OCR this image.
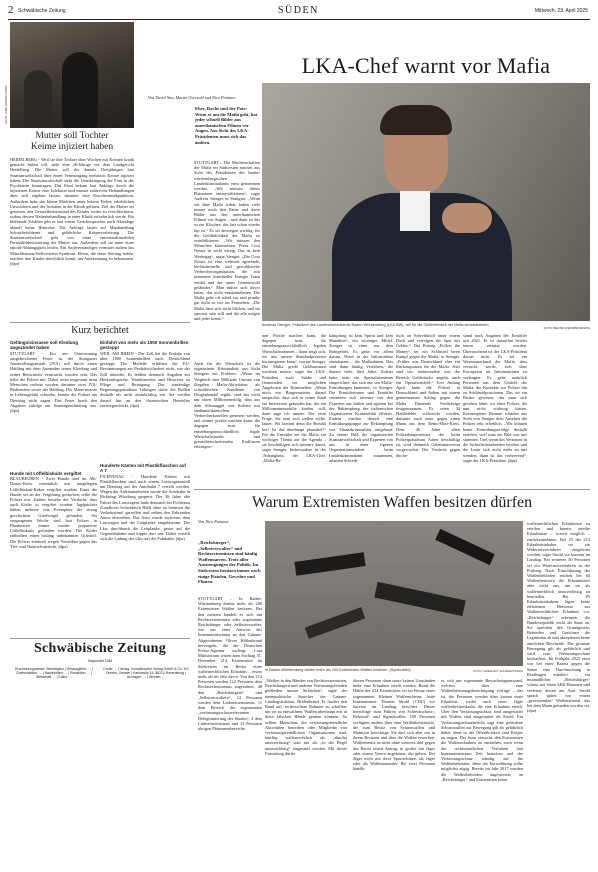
2 Schwäbische Zeitung	SÜDEN	Mittwoch, 23. April 2025
FOTO: UWE ANSPACH/DPA
Mutter soll Tochter
Keime injiziert haben
HEIDELBERG - Weil sie ihre Tochter über Wochen mit Keimen krank gemacht haben soll, steht eine 26-Jährige vor dem Landgericht Heidelberg. Die Mutter soll der damals Dreijährigen laut Staatsanwaltschaft über einen Venenzugang mehrfach Keime injiziert haben. Die Staatsanwaltschaft sieht die Unterbringung der Frau in der Psychiatrie beantragen. Das Kind bekam laut Anklage durch die injizierten Keime eine Infektion und musste zahlreiche Behandlungen über sich ergehen lassen, darunter eine Knochenmarkpunktion. Außerdem habe das kleine Mädchen unter hohem Fieber, erheblichen Unwohlsein und der Isolation in der Klinik gelitten. Ziel der Mutter sei gewesen, den Gesundheitszustand des Kindes weiter zu verschlechtern, sodass dessen Weiterbehandlung in einer Klinik erforderlich werde. Für bleibende Schäden gibt es laut einem Gerichtssprecher nach Aktenlage aktuell keine Hinweise. Die Anklage lautet auf Misshandlung Schutzbefohlener und gefährliche Körperverletzung. Die Staatsanwaltschaft geht von einer emotionalinstabilen Persönlichkeitsstörung der Mutter aus. Außerdem soll sie unter einer opioid-Abhängigkeit leiden. Ein Sachverständiger vermutet zudem das Münchhausen-Stellvertreter-Syndrom. Eltern, die diese Störung haben, machen ihre Kinder absichtlich krank, um Anerkennung zu bekommen. (dpa)
Kurz berichtet
Gefängnisinsasse soll Kleidung angezündet haben
STUTTGART - Ein am Ostersonntag ausgebrochenes Feuer in der Stuttgarter Justizvollzugsanstalt (JVA) soll durch einen Häftling mit dem Anzünden seiner Kleidung und seiner Bettwäsche verursacht worden sein. Das teilte die Polizei mit. Dabei seien insgesamt neun Menschen verletzt worden, darunter zwei JVA-Bedienstete sowie der Häftling. Der Mann musste in Lebensgefahr schwebe, konnte die Polizei am Dienstag nicht sagen. Das Feuer brach den Angaben zufolge am Sonntagnachmittag aus. (dpa)
Hunde mit Löffelbiskuits vergiftet
BLAUBEUREN - Zwei Hunde sind im Alb-Donau-Kreis vermutlich mit ausgelegten Löffelbiskuit-Kekse vergiftet worden. Einer der Hunde sei an der Vergiftung gestorben, teilte die Polizei mit. Zudem bestehe der Verdacht, dass auch Köder so vergiftet worden. Jagdpächter hätten mehrere rote Exemplare der streng geschichten Grieftvögel gefunden. Sei vergangenen Woche sind laut Polizei in Blaubeuren immer wieder präparierte Löffelbiskuits gefunden worden. Die Köder enthielten einen bislang unbekannten Giftstoff. Die Polizei ermittelt wegen Verstößen gegen das Tier- und Naturschutzrecht. (dpa)
Einfahrt von mehr als 1000 Sonnenbrillen gestoppt
WEIL AM RHEIN - Der Zoll hat die Einfuhr von über 1000 Sonnenbrillen nach Deutschland gestoppt. Die Modelle erfüllten die EU-Bestimmungen zur Produktsicherheit nicht, wie der Zoll mitteilte. Es fehlten demnach Angaben zur Herkunftsgeräte, Warnhinweise und Hinweise zu Pflege und Reinigung. Das zuständige Regierungspräsidium Tübingen stufte die Brillen deshalb als nicht einfuhrfähig ein. Sie werden darauf hin an den chinesischen Hersteller zurückgeschickt. (dpa)
Hunderte Kästen mit Plastikflaschen auf A 7
FICHTENAU - Hunderte Kästen mit Plastikflaschen sind nach einem Lastwagenunfall am Dienstag auf der Autobahn 7 verteilt worden. Wegen der Aufräumarbeiten wurde die Autobahn in Richtung Würzburg gesperrt. Der 36 Jahre alte Fahrer des Lastwagens hatte demnach bei Fichtenau (Landkreis Schwäbisch Hall) ohne zu bremsen die Verkehrsinsel getroffen und neben den Fahrenden Autos übersehen. Das Auto wurde zwischen dem Lastwagen und der Leitplanke eingeklemmt. Der Lkw durchbrach die Leitplanke, geriet auf die Gegenfahrbahn und kippte dort um. Dabei verteilt sich die Ladung des Lkw auf der Fahrbahn. (dpa)
Schwäbische Zeitung
Gegründet 1945
Erscheinungsweise: Werktäglich | Herausgeber: ... | Chefredaktion: ... | Nachrichten: ... | Redaktion: ... | Wirtschaft: ... | Kultur: ...
Druck: ... | Verlag: Schwäbischer Verlag GmbH & Co. KG Drexler, Gessler | Karlstraße 16, 88212 Ravensburg | Anzeigen: ... | Vertrieb: ...
Von David Nau, Martin Oversohl und Nico Pointner
Ehre, Rache und der Pate: Wenn es um die Mafia geht, hat jeder schnell Bilder aus amerikanischen Filmen vor Augen. Aus Sicht des LKA-Präsidenten muss sich das ändern.
LKA-Chef warnt vor Mafia
Andreas Stenger, Präsident des Landeskriminalamts Baden-Württemberg (LKA BW), will für die Gefährlichkeit der Mafia sensibilisieren.
FOTO: BERND WEISSBROD/DPA
STUTTGART – Die Machenschaften der Mafia im Südwesten müssen aus Sicht des Präsidenten des baden-württembergischen Landeskriminalamts ernst genommen werden. „Wir müssen dieses Phänomen entmystifizieren“, sagte Andreas Stenger in Stuttgart. „Wenn wir über Mafia reden, haben viele immer noch den Paten und diese Bilder aus den amerikanischen Filmen vor Augen – und dann ist das so ein Klischee, das fast schon wieder hip ist.“ Es sei deswegen wichtig, für die Gefährlichkeit der Mafia zu sensibilisieren. „Wir müssen den Menschen klarmachen: Pizza Cosa Nostra ist nicht witzig. Das ist kein Werbegag“, sagte Stenger. „Die Cosa Nostra ist eine weltweit agierende, hochkriminelle und gewaltbereite Verbrecherorganisation, die mit immenser krimineller Energie Taten verübt und der unser Gemeinwohl gefährdet.“ Man müsse sich davor hüten, das nicht ernstzunehmen. Die Mafia gehe oft subtil vor und prunke gar nicht so wie im Fernsehen. „Die Mafia lässt sich nicht blicken, und sie operiert sehr still und die alle mögen und jeder kennt.“
Auch für die Wirtschaft ist die organisierte Kriminalität aus Sicht Stengers ein Problem. „Wenn im Vergleich eine Milliarde Umsatz von illegalen Mafia-Aktivitäten als schwäbischen Kaufleute von Drogenhandel ergibt, sind das nicht nur einen Millionenerfolg, dass aus dem Schmuggel von Kokain mit stadtamerikanischen Verbrecherkartellen generiert werden, und immer profite machen kann, die dagegen trotz für entstehungsausschließlich legale Wirtschaftsmarkt und grenzüberschreitenden Einflüssen erbringen.“
mer Profite machen kann, die dagegen trotz für entstehungsausschließlich legalen Wirtschaftsräumen – dann zeigt sich, wo uns unsere Standardprozesse korrumpieren kann“, warnte Stenger. Die Mafia greife Geldsummen wachsen müsse, sagte der LKA-Präsident auch Städte und Gemeinden vor möglichen Angeboten der Kriminellen. „Wenn mich ein Bürgermeister darauf ansprichst, dass sich in seiner Stadt ein Interessent gefunden hat, der ein Millionenimmobilie kaufen will, dann sage ich immer: Der erste Frage, die man sich stellen sollte, lautet: Wo kommt denn die Bonität her? Ist das überhaupt plausibel?“ Für die Ermittler sei die Mafia ein wichtiges Thema auf der Agenda – sie beschäftigen sich intensiv damit, sagte Stenger. Insbesondere in der ‚Ndrangheta, der LKA-Chef. „Mafia-Be-
kämpfung ist kein Sprint und kein Marathon“, ein wichtiges Mittel. Stenger ist einer aus dem Ruhrgebiet, Es gehe vor allem darum, Netze in die Infrastruktur einzubauen – die Maßnahmen. Das sind dann häufig Verfahren, die dauern viele, fünf Jahre. Zuletzt hatte man ein Spezialistenteam eingerichtet, das sich nur um Mafia-Ermittlungen kümmere, so Stenger. Die Ermittlerinnen und Ermittler vernetzen sich intensiv mit den Experten aus Italien und agieren bei der Bekämpfung der italienischen Organisierten Kriminalität effektiv. Zudem würden derzeit eine Ermittlungsgruppe zur Bekämpfung von Finanzkriminalität aufgebaut. Zu einem Bild der organisierten Staatsanwaltschaft und Experten von uns in einer eigenen Organisationseinheit beim Landeskriminalamt zusammen, arbeiten Schreib-
tisch an Schreibtisch unter einem Dach und verfolgen die Spur des Geldes.“ Das Prinzip „Follow the Money“ sei ein Schlüssel beim Kampf gegen die Mafia, so Stenger. „Früher war Deutschland eher ein Rückzugsraum für die Mafia. Jetzt sind wir, insbesondere was der Bereich Geldwäsche angeht, auch ein Operationsfeld.“ Erst Anfang April hatte die Polizei in Deutschland und Italien mit einem gemeinsamen Schlag gegen die Mafia Dutzende Verdächtige festgenommen. Es seien 34 Haftbefehle vollstreckt worden, darunter auch einer gegen einen Mann aus dem Rems-Murr-Kreis. Dem 46 Jahre alten Polizeihauptmeister, der beim Polizeipräsidium Aalen beschäftigt ist, wird demnach Geheimnisverrat vorgeworfen. Der Verdacht gegen ihn be-
stand nach Angaben der Ermittler seit 2021. Er ist daraufhin bereits intern versetzt worden. Überraschend ist der LKA-Präsident davon nicht. Es sei ein Wesensmerkmal der Mafia, dass versucht werde, sich über Korruption an Informationen zu verlangen. Es gehe natürlich Personen aus dem Umfeld der Mafia, die Kontakte zur Polizei hin zu Schlüsselpositionen. Das sei ein Risiko gewesen, das man sich gesehen hätte, wo einer Polizei, die nun nicht wirkung hätten. Korrumpierte Beamte schaden aus Sicht von Stenger dem Ansehen der Polizei sehr erheblich. „Wir können keine Ermittlungserfolge deshalb erzielen, weil man ein Bild von uns stimmen. Und wenn das Vertrauen in die Sicherheitsbehörden erodiert und die Leute sich nicht mehr an uns wenden, dann ist das verheerend“, sagte der LKA-Präsident. (dpa)
Warum Extremisten Waffen besitzen dürfen
Von Nico Pointner
„Reichsbürger“, „Selbstverwalter“ und Rechtsextremisten sind häufig Waffennarren. Trotz aller Anstrengungen der Politik: Im Südwesten besitzen immer noch einige Pistolen, Gewehre und Flinten.
STUTTGART – In Baden-Württemberg dürfen mehr als 200 Extremisten Waffen besitzen. Bei den meisten handelt es sich um Rechtsextremisten oder sogenannte Reichsbürger oder Selbstverwalter, wie aus einer Antwort des Innenministeriums an den Grünen-Abgeordneten Oliver Hildenbrand hervorgeht, die der Deutschen Presse-Agentur vorliegt. Laut Ministerium waren zum Stichtag 31. Dezember 214 Extremisten im Südwesten im Besitz einer waffenrechtlichen Erlaubnis – etwas mehr als im Jahr davor. Von den 214 Personen werden 122 Personen dem Rechtsextremismus zugeordnet, 48 den „Reichsbürgern“ und „Selbstverwaltern“, 12 Personen werden dem Linksextremismus, 11 dem Bereich der sogenannten „verfassungsschutzrelevanten Delegitimierung des Staates“, 4 dem Linksextremismus und 13 Personen übrigen Phänomenbereiche.
In Baden-Württemberg dürfen mehr als 200 Extremisten Waffen besitzen. (Symbolbild)	FOTO: GREGORY SCHWARTZ/DPA
„Waffen in den Händen von Rechtsextremisten, Reichsbürgern und anderen Verfassungsfeinden gefährden unsere Sicherheit“, sagte der innenpolitische Sprecher der Grünen-Landtagsfraktion, Hildenbrand. Er fordert den Bund auf, rechtssichere Rahmen zu schaffen, um sie zu entwaffnen. Waffen überhaupt erst in diese falschen Hände geraten könnten. So sollten Menschen, die verfassungsfeindliche Aktivitäten betreiben oder Mitglieder von verfassungsfeindlichen Organisationen sind, künftig waffenrechtlich als „absolut unzuverlässig“ statt nur als „in der Regel unzuverlässig“ eingestuft werden. Mit dieser Einstufung dürfte
diesen Personen dann unter keinen Umständen mehr eine Erlaubnis erteilt werden. Rund die Hälfte der 214 Extremisten sei im Besitz eines sogenannten Kleinen Waffenscheins, hatte Innenminister Thomas Strobl (CDU) vor kurzem im Landtag berichtet. Dieser berechtige zum Führen von Schreckschuss-, Reizstoff- und Signalwaffen. 100 Personen verfügten zudem über eine Waffenbesitzkarte, die zum Besitz von Schusswaffen und Munition berechtige. Sie darf sich aber nur in ihrem Besitzen und über die Waffen erwerben. Waffenbesitz ist nicht ohne weiteres darf gegen das Recht ersten Antrag, in großer ein Jäger oder einem Verein angehören, die gelten. Der Jäger nicht mit ihrer Sportschütze, als Jäger oder als Waffensammler. Bei zwei Personen handle
es sich um sogenannte Bewachungspersonal, welches über eine Waffenbesitzungsberechtigung verfüge – das ist, die Personen werden über kosten einer Erlaubnis, weder auch einer Jäger waffenbesitzerlaubt, die eine Erlaubnis erteilt. Über den Verfassungsschutz sind ausgestattet mit Waffen sind ausgestattet als Strobl. Ein Verfassungsschutzbericht sagt eine gelaufene Schusswaffen zur Bewegung gilt als gefährlich dabei, denn in der Öffentlichkeit sind Körper zu tragen. Der Staat versucht, den Extremisten die Waffenerlaubnis zu entziehen, auch wenn die rechtsstaatlichen Verfahren laut Innenministerium Zeit brauchen und der Verfassungsschutz ständig auf die Waffenbehörden, denn die Entwaffnung sollte möglichst zügig. Bereits im Jahr 2017 wurden die Waffenbehörden angewiesen, an „Reichsbürger“ und Extremisten keine
waffenrechtlichen Erlaubnisse zu erteilen und bereits erteilte Erlaubnisse – soweit möglich – zurückzunehmen. Bei 25 der 214 Erlaubnisinhaber sei ein Widerrufsverfahren eingeleitet worden, sagte Strobl vor kurzem im Landtag. Bei weiteren 30 Personen sei ein Widerrufsverfahren in der Prüfung. Nach Einschätzung der Waffenbehörden reichen bei 64 Waffenbesitzern die Erkenntnisse aber nicht aus, um sie als waffenrechtlich unzuverlässig zu beurteilen. Bei 85 Erlaubnisinhabern lägen keine effizienten Hinweise zur Waffenrechtlichen Erlaubnis vor. „Reichsbürger“ erkennen die Bundesrepublik nicht als Staat an. Sie sprechen den Grundgesetz, Behörden und Gerichten die Legitimität ab und akzeptieren keine amtlichen Bescheide. Die gesamte Bewegung gilt als gefährlich und wird vom Verfassungsschutz beobachtet. Im Frühjahr 2023 etwa war bei einer Razzia gegen die Szene eine Durchsuchung in Reutlingen eskaliert – ein mutmaßlicher „Reichsbürger“ schoss auf einen SEK-Beamten und verletzte diesen am Arm. Strobl sprach später von einem „gravierenden“ Waffenarsenal, das bei dem Mann gefunden worden sei. (dpa)
